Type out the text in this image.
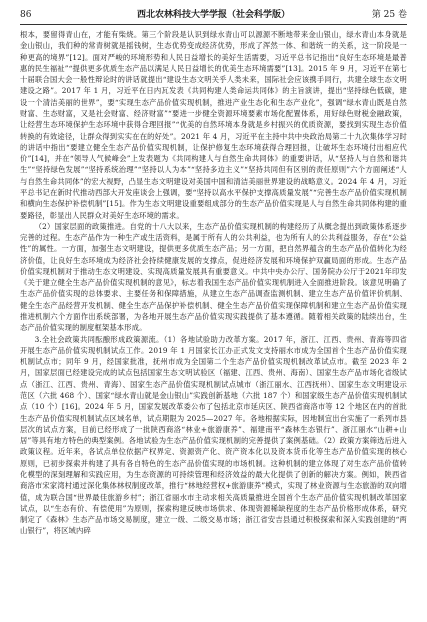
86	西北农林科技大学学报（社会科学版）	第 25 卷

根本，要留得青山在，才能有柴烧。第三个阶段是认识到绿水青山可以源源不断地带来金山银山，绿水青山本身就是金山银山，我们种的常青树就是摇钱树，生态优势变成经济优势，形成了浑然一体、和谐统一的关系，这一阶段是一种更高的境界”[12]。面对严峻的环境形势和人民日益增长的美好生活需要，习近平总书记指出“良好生态环境是最普惠的民生福祉”“提供更多优质生态产品以满足人民日益增长的优美生态环境需要”[13]。2015 年 9 月，习近平在第七十届联合国大会一般性辩论时的讲话就提出“建设生态文明关乎人类未来，国际社会应该携手同行，共建全球生态文明建设之路”。2017 年 1 月，习近平在日内瓦发表《共同构建人类命运共同体》的主旨演讲，提出“坚持绿色低碳，建设一个清洁美丽的世界”，要“实现生态产品价值实现机制，推进产业生态化和生态产业化”，强调“绿水青山既是自然财富、生态财富，又是社会财富、经济财富”“要进一步健全资源环境要素市场化配置体系，用好绿色财税金融政策，让经营生态环境保护生态环境中获得合理回报”“优美的自然环境本身就是乡村振兴的优质资源，要找到实现生态价值转换的有效途径，让群众得到实实在在的好处”。2021 年 4 月，习近平在主持中共中央政治局第二十九次集体学习时的讲话中指出“要建立健全生态产品价值实现机制，让保护修复生态环境获得合理回报，让破坏生态环境付出相应代价”[14]，并在“领导人气候峰会”上发表题为《共同构建人与自然生命共同体》的重要讲话，从“坚持人与自然和谐共生”“坚持绿色发展”“坚持系统治理”“坚持以人为本”“坚持多边主义”“坚持共同但有区别的责任原则”六个方面阐述“人与自然生命共同体”的宏大视野，凸显生态文明建设对美国中国和清洁美丽世界建设的战略意义。2024 年 4 月，习近平总书记在新时代推动西部大开发座谈会上强调，要“坚持以高水平保护支撑高质量发展”“完善生态产品价值实现机制和横向生态保护补偿机制”[15]。作为生态文明建设重要组成部分的生态产品价值实现是人与自然生命共同体构建的重要路径，彰显出人民群众对美好生态环境的需求。

（2）国家层面的政策推进。自党的十八大以来，生态产品价值实现机制的构建经历了从概念提出到政策体系逐步完善的过程。生态产品作为一种生产或生活资料，是属于所有人的公共利益，也为所有人的公共利益服务，存在“公益性”的属性。一方面，加强生态文明建设，提供更多优质生态产品；另一方面，把自然界蕴含的生态产品价值转化为经济价值，让良好生态环境成为经济社会持续健康发展的支撑点，促进经济发展和环境保护双赢局面的形成。生态产品价值实现机制对于推动生态文明建设、实现高质量发展具有重要意义。中共中央办公厅、国务院办公厅于2021年印发《关于建立健全生态产品价值实现机制的意见》，标志着我国生态产品价值实现机制进入全面推进阶段。该意见明确了生态产品价值实现的总体要求、主要任务和保障措施，从建立生态产品调查监测机制、建立生态产品价值评价机制、健全生态产品经营开发机制、健全生态产品保护补偿机制、健全生态产品价值实现保障机制和建立生态产品价值实现推进机制六个方面作出系统部署，为各地开展生态产品价值实现实践提供了基本遵循。随着相关政策的陆续出台，生态产品价值实现的制度框架基本形成。

3.全社会政策共同酝酿形成政策源流。（1）各地试验助力改革方案。2017 年，浙江、江西、贵州、青海等四省开展生态产品价值实现机制试点工作。2019 年 1 月国家长江办正式发文支持丽水市成为全国首个生态产品价值实现机制试点市；同年 9 月，经国家批准，抚州市成为全国第二个生态产品价值实现机制改革试点市。截至 2023 年 2 月，国家层面已经建设完成的试点包括国家生态文明试验区（福建、江西、贵州、海南）、国家生态产品市场化省级试点（浙江、江西、贵州、青海）、国家生态产品价值实现机制试点城市（浙江丽水、江西抚州）、国家生态文明建设示范区（六批 468 个）、国家“绿水青山就是金山银山”实践创新基地（六批 187 个）和国家级生态产品价值实现机制试点（10 个）[16]。2024 年 5 月，国家发展改革委公布了包括北京市延庆区、陕西省商洛市等 12 个地区在内的首批生态产品价值实现机制试点区域名单，试点期限为 2025—2027 年。各地根据实际，因地制宜出台实施了一系列市县层次的试点方案，目前已经形成了一批陕西商洛“林业+旅游康养”、福建南平“森林生态银行”、浙江丽水“山耕+山居”等具有地方特色的典型案例。各地试验为生态产品价值实现机制的完善提供了案例基础。（2）政策方案筛选后进入政策议程。近年来，各试点单位依据产权界定、资源资产化、资产资本化以及资本货币化等生态产品价值实现的核心原则，已初步探索并构建了具有各自特色的生态产品价值实现的市场机制。这种机制的建立体现了对生态产品价值转化模型的深刻理解和实践应用，为生态资源的可持续管理和经济效益的最大化提供了创新的解决方案。例如，陕西省商洛市宋家湾村通过深化集体林权制度改革，推行“林地经营权+旅游康养”模式，实现了林业资源与生态旅游的双向增值，成为联合国“世界最佳旅游乡村”；浙江省丽水市主动求相关高质量推进全国首个生态产品价值实现机制改革国家试点，以“生态有价、有偿使用”为原则，探索构建反映市场供求、体现资源稀缺程度的生态产品价格形成体系，研究制定了《森林》生态产品市场交易制度，建立一级、二级交易市场；浙江省安吉县通过积极探索和深入实践创建的“两山银行”，将区域内碎
